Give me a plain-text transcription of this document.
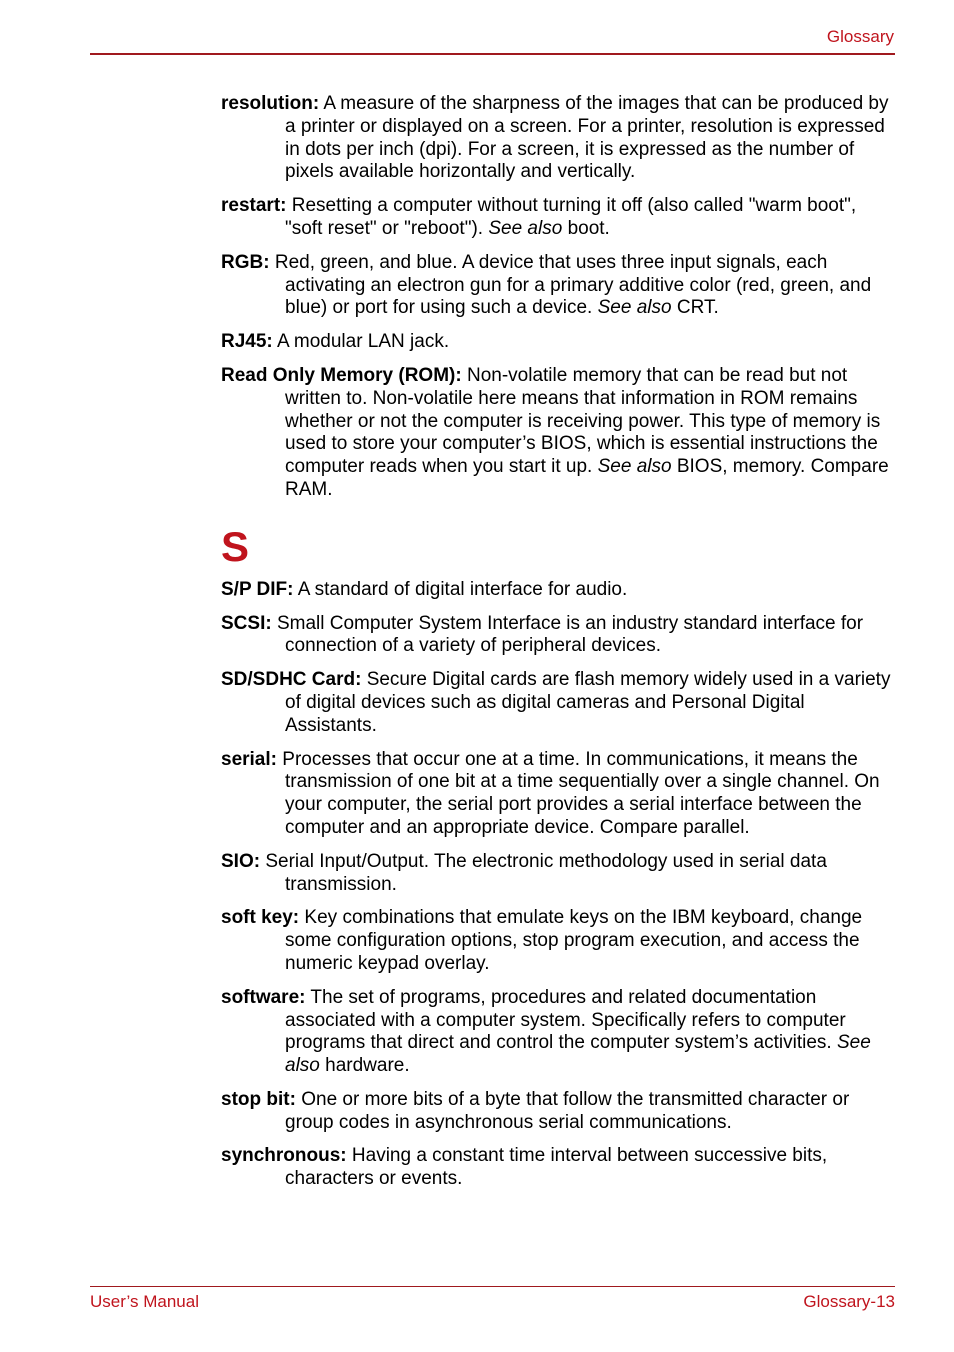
Glossary

resolution: A measure of the sharpness of the images that can be produced by a printer or displayed on a screen. For a printer, resolution is expressed in dots per inch (dpi). For a screen, it is expressed as the number of pixels available horizontally and vertically.

restart: Resetting a computer without turning it off (also called "warm boot", "soft reset" or "reboot"). See also boot.

RGB: Red, green, and blue. A device that uses three input signals, each activating an electron gun for a primary additive color (red, green, and blue) or port for using such a device. See also CRT.

RJ45: A modular LAN jack.

Read Only Memory (ROM): Non-volatile memory that can be read but not written to. Non-volatile here means that information in ROM remains whether or not the computer is receiving power. This type of memory is used to store your computer’s BIOS, which is essential instructions the computer reads when you start it up. See also BIOS, memory. Compare RAM.

S

S/P DIF: A standard of digital interface for audio.

SCSI: Small Computer System Interface is an industry standard interface for connection of a variety of peripheral devices.

SD/SDHC Card: Secure Digital cards are flash memory widely used in a variety of digital devices such as digital cameras and Personal Digital Assistants.

serial: Processes that occur one at a time. In communications, it means the transmission of one bit at a time sequentially over a single channel. On your computer, the serial port provides a serial interface between the computer and an appropriate device. Compare parallel.

SIO: Serial Input/Output. The electronic methodology used in serial data transmission.

soft key: Key combinations that emulate keys on the IBM keyboard, change some configuration options, stop program execution, and access the numeric keypad overlay.

software: The set of programs, procedures and related documentation associated with a computer system. Specifically refers to computer programs that direct and control the computer system’s activities. See also hardware.

stop bit: One or more bits of a byte that follow the transmitted character or group codes in asynchronous serial communications.

synchronous: Having a constant time interval between successive bits, characters or events.

User’s Manual	Glossary-13
